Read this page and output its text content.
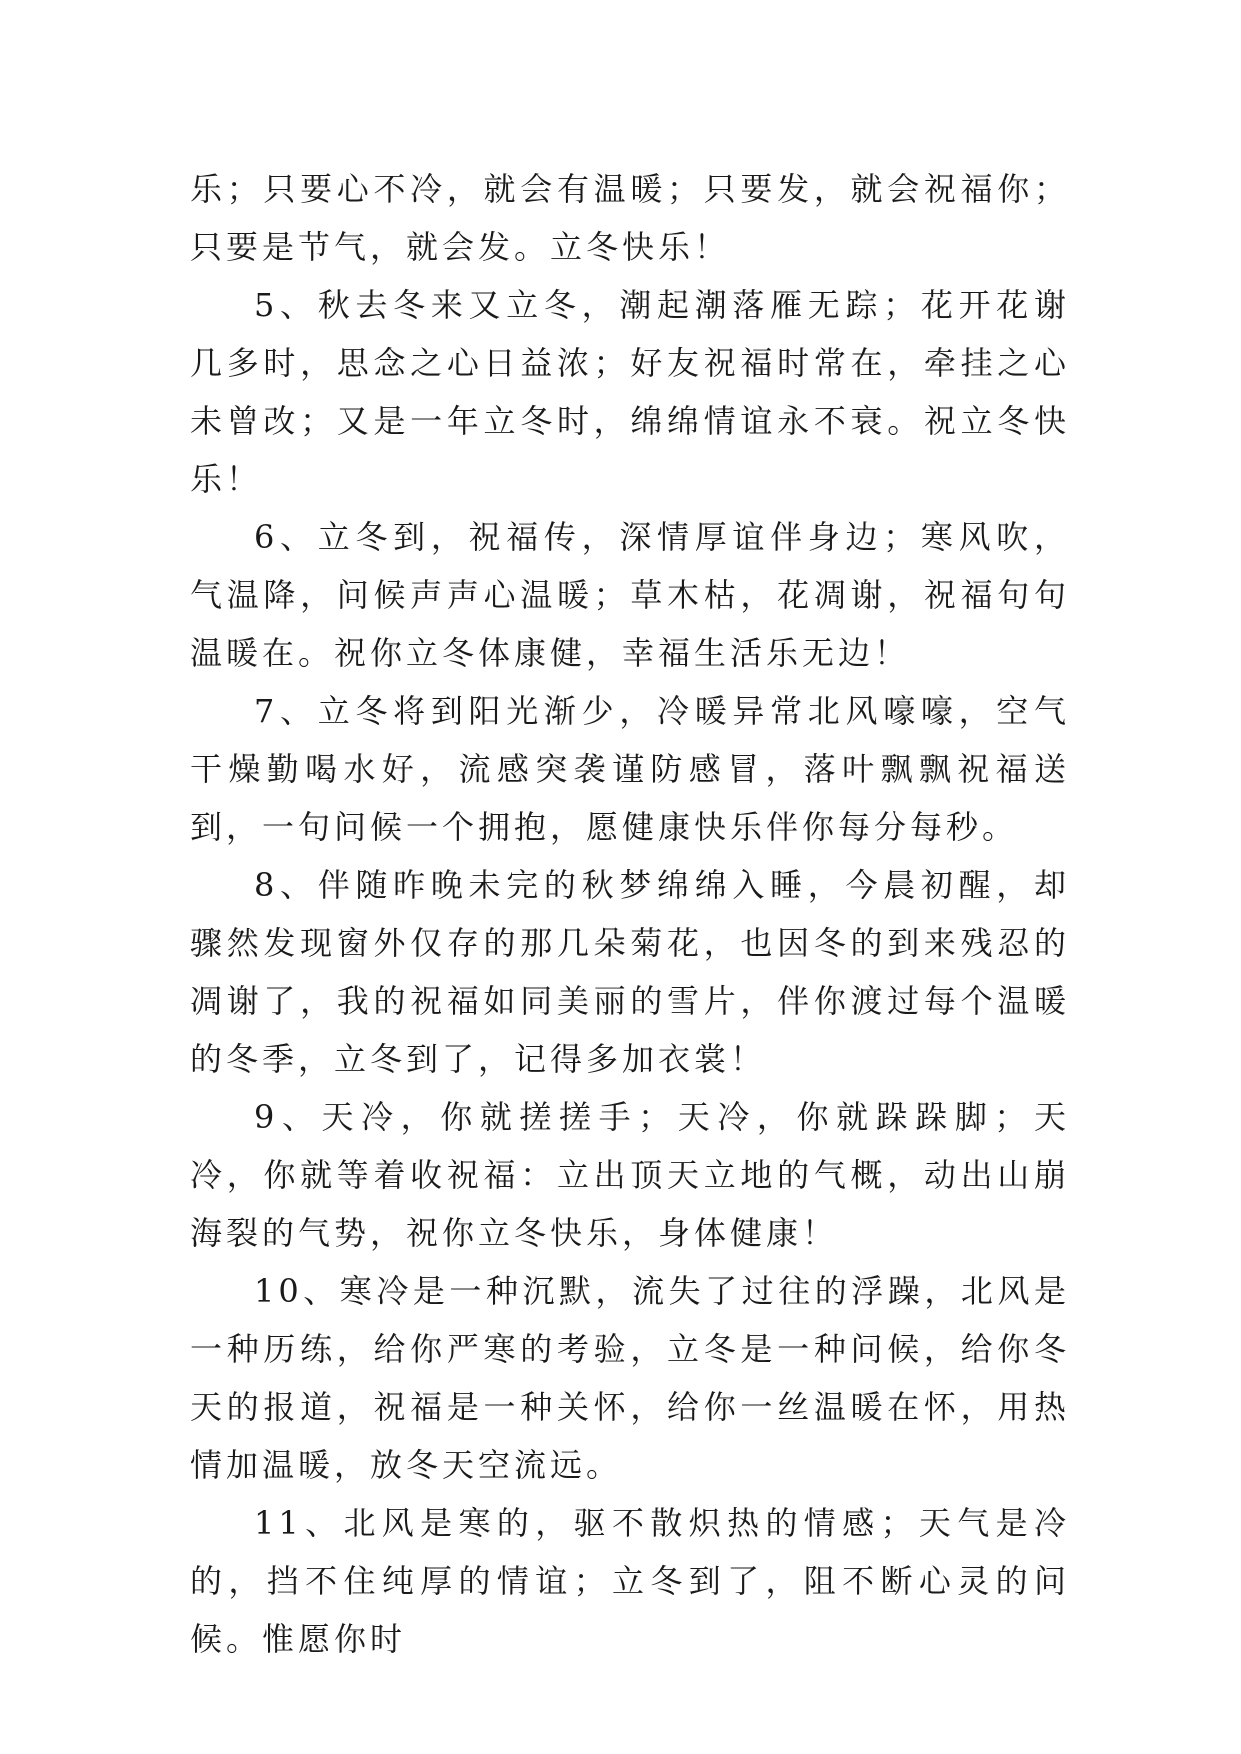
乐；只要心不冷，就会有温暖；只要发，就会祝福你；只要是节气，就会发。立冬快乐！

5、秋去冬来又立冬，潮起潮落雁无踪；花开花谢几多时，思念之心日益浓；好友祝福时常在，牵挂之心未曾改；又是一年立冬时，绵绵情谊永不衰。祝立冬快乐！

6、立冬到，祝福传，深情厚谊伴身边；寒风吹，气温降，问候声声心温暖；草木枯，花凋谢，祝福句句温暖在。祝你立冬体康健，幸福生活乐无边！

7、立冬将到阳光渐少，冷暖异常北风嚎嚎，空气干燥勤喝水好，流感突袭谨防感冒，落叶飘飘祝福送到，一句问候一个拥抱，愿健康快乐伴你每分每秒。

8、伴随昨晚未完的秋梦绵绵入睡，今晨初醒，却骤然发现窗外仅存的那几朵菊花，也因冬的到来残忍的凋谢了，我的祝福如同美丽的雪片，伴你渡过每个温暖的冬季，立冬到了，记得多加衣裳！

9、天冷，你就搓搓手；天冷，你就跺跺脚；天冷，你就等着收祝福：立出顶天立地的气概，动出山崩海裂的气势，祝你立冬快乐，身体健康！

10、寒冷是一种沉默，流失了过往的浮躁，北风是一种历练，给你严寒的考验，立冬是一种问候，给你冬天的报道，祝福是一种关怀，给你一丝温暖在怀，用热情加温暖，放冬天空流远。

11、北风是寒的，驱不散炽热的情感；天气是冷的，挡不住纯厚的情谊；立冬到了，阻不断心灵的问候。惟愿你时
